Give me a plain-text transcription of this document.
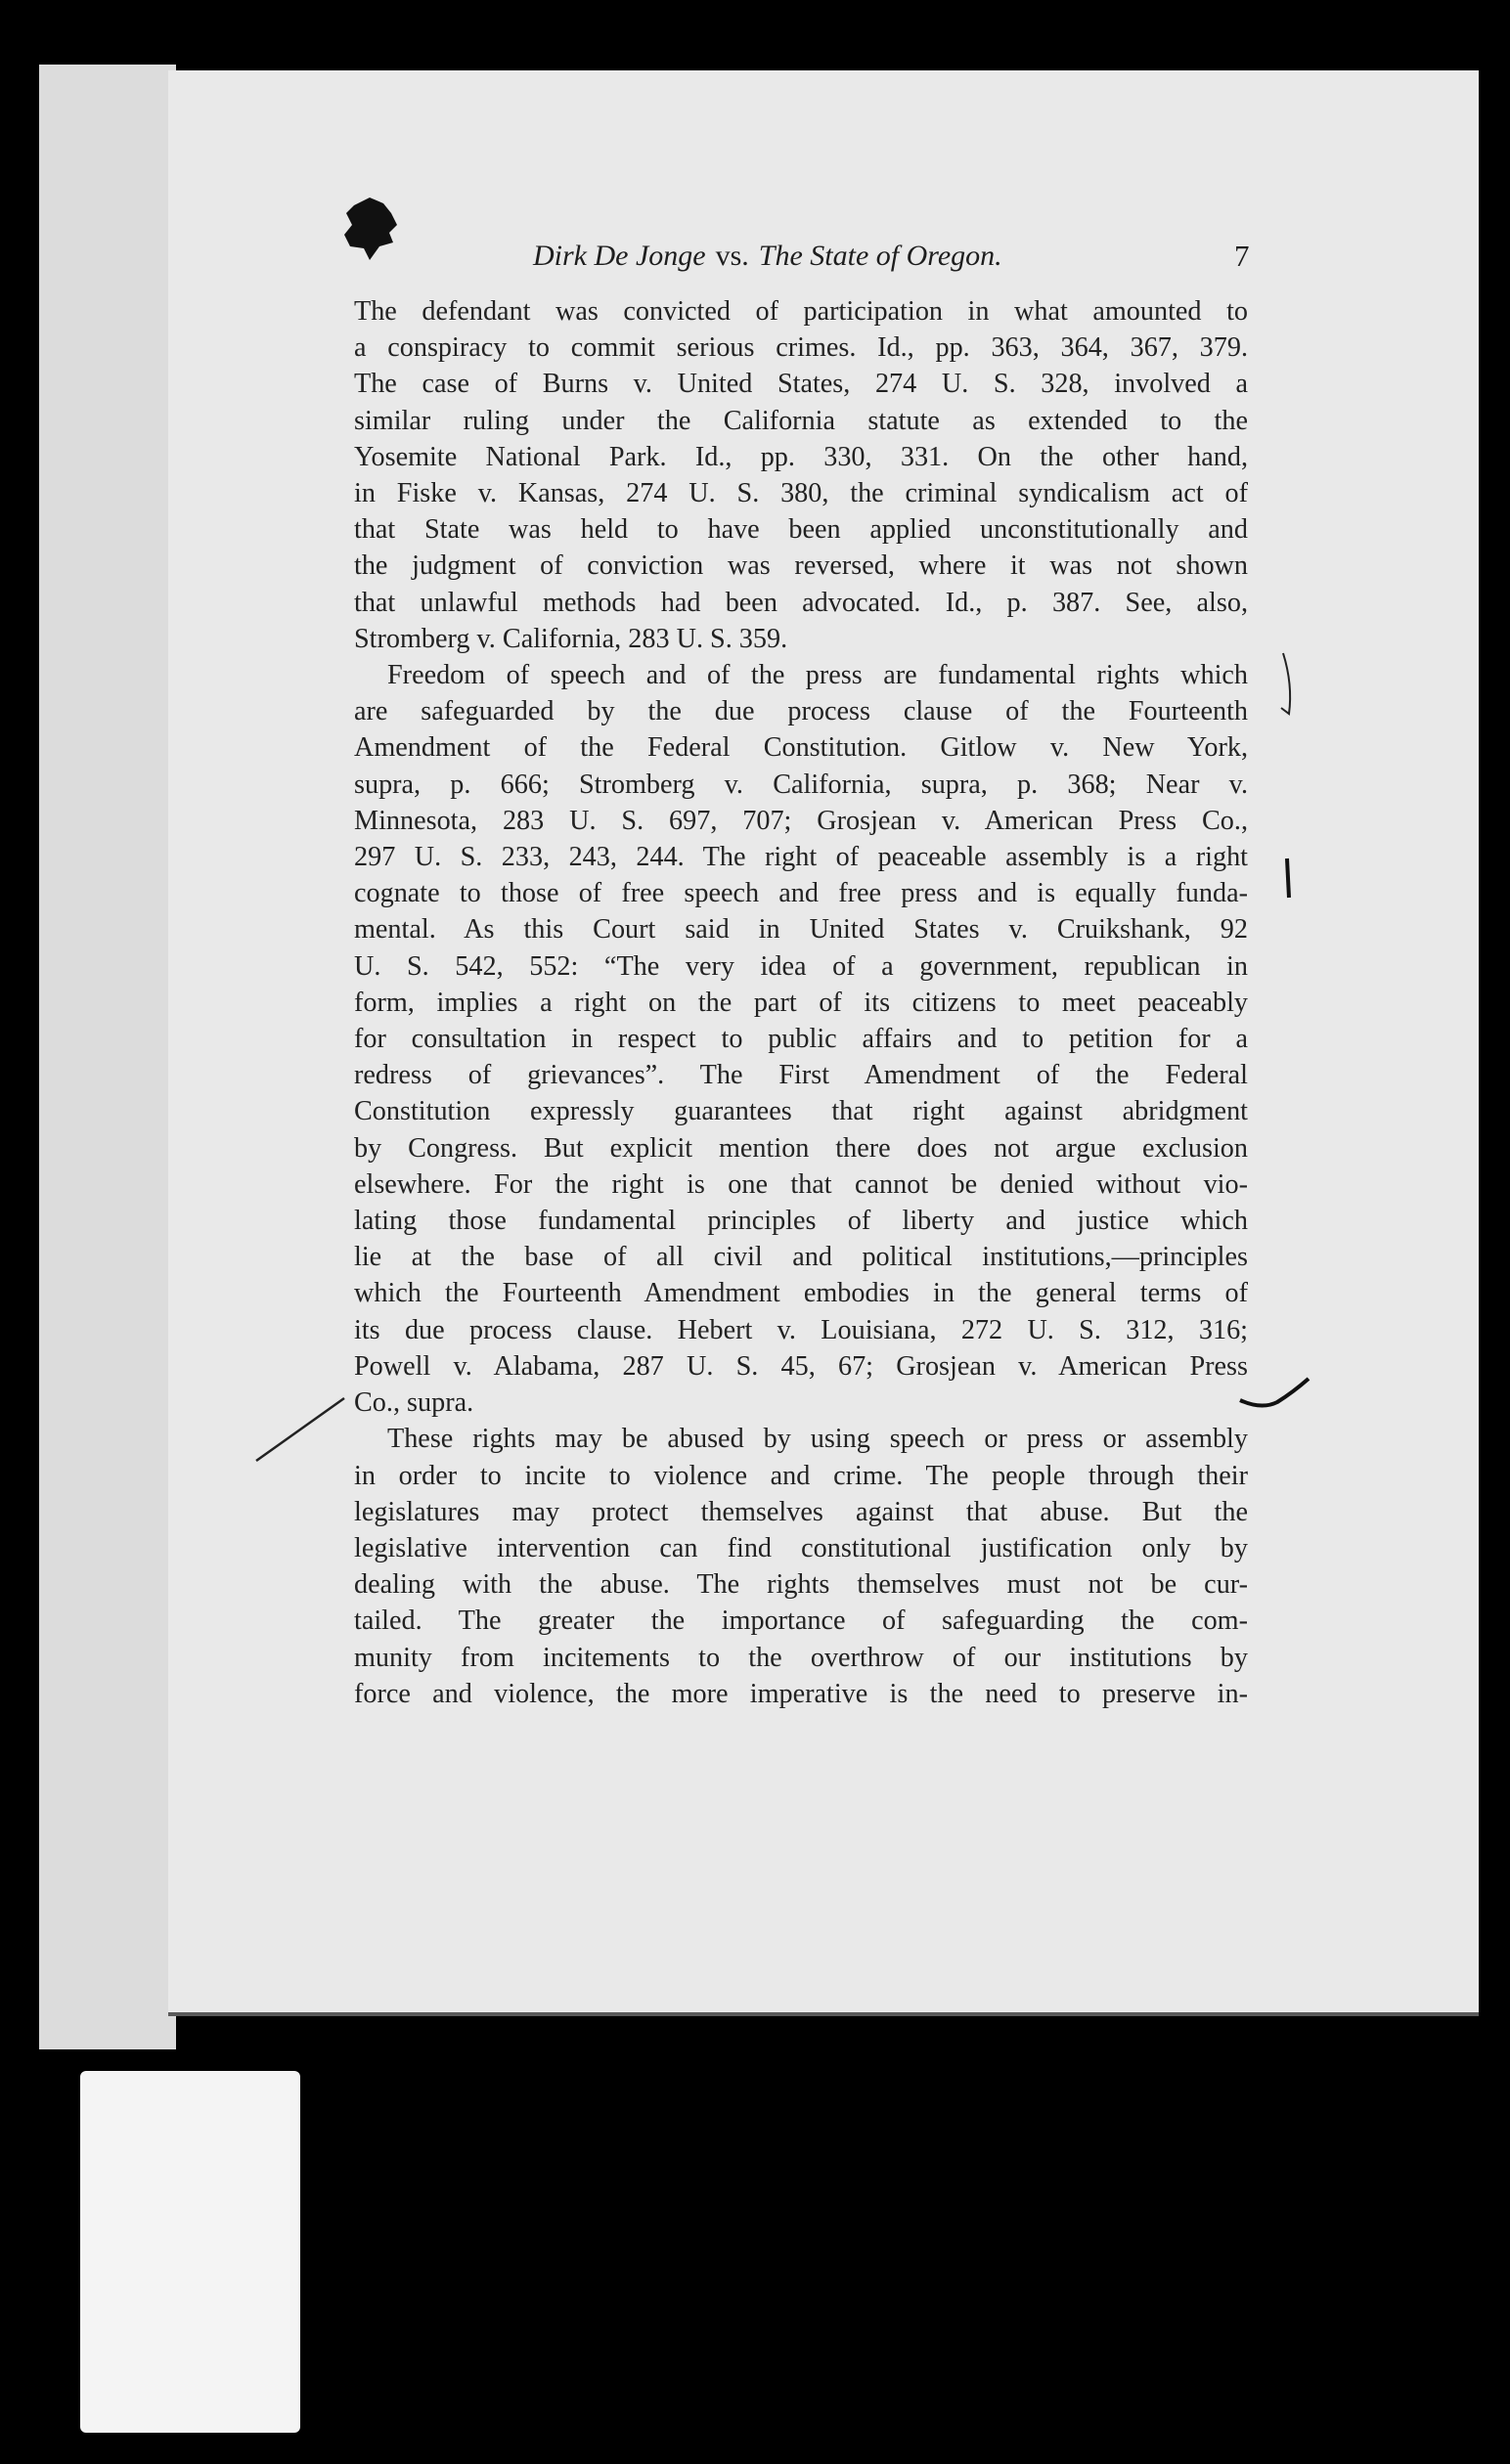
Dirk De Jonge vs. The State of Oregon.	7

The defendant was convicted of participation in what amounted to
a conspiracy to commit serious crimes. Id., pp. 363, 364, 367, 379.
The case of Burns v. United States, 274 U. S. 328, involved a
similar ruling under the California statute as extended to the
Yosemite National Park. Id., pp. 330, 331. On the other hand,
in Fiske v. Kansas, 274 U. S. 380, the criminal syndicalism act of
that State was held to have been applied unconstitutionally and
the judgment of conviction was reversed, where it was not shown
that unlawful methods had been advocated. Id., p. 387. See, also,
Stromberg v. California, 283 U. S. 359.

Freedom of speech and of the press are fundamental rights which
are safeguarded by the due process clause of the Fourteenth
Amendment of the Federal Constitution. Gitlow v. New York,
supra, p. 666; Stromberg v. California, supra, p. 368; Near v.
Minnesota, 283 U. S. 697, 707; Grosjean v. American Press Co.,
297 U. S. 233, 243, 244. The right of peaceable assembly is a right
cognate to those of free speech and free press and is equally funda-
mental. As this Court said in United States v. Cruikshank, 92
U. S. 542, 552: “The very idea of a government, republican in
form, implies a right on the part of its citizens to meet peaceably
for consultation in respect to public affairs and to petition for a
redress of grievances”. The First Amendment of the Federal
Constitution expressly guarantees that right against abridgment
by Congress. But explicit mention there does not argue exclusion
elsewhere. For the right is one that cannot be denied without vio-
lating those fundamental principles of liberty and justice which
lie at the base of all civil and political institutions,—principles
which the Fourteenth Amendment embodies in the general terms of
its due process clause. Hebert v. Louisiana, 272 U. S. 312, 316;
Powell v. Alabama, 287 U. S. 45, 67; Grosjean v. American Press
Co., supra.

These rights may be abused by using speech or press or assembly
in order to incite to violence and crime. The people through their
legislatures may protect themselves against that abuse. But the
legislative intervention can find constitutional justification only by
dealing with the abuse. The rights themselves must not be cur-
tailed. The greater the importance of safeguarding the com-
munity from incitements to the overthrow of our institutions by
force and violence, the more imperative is the need to preserve in-
